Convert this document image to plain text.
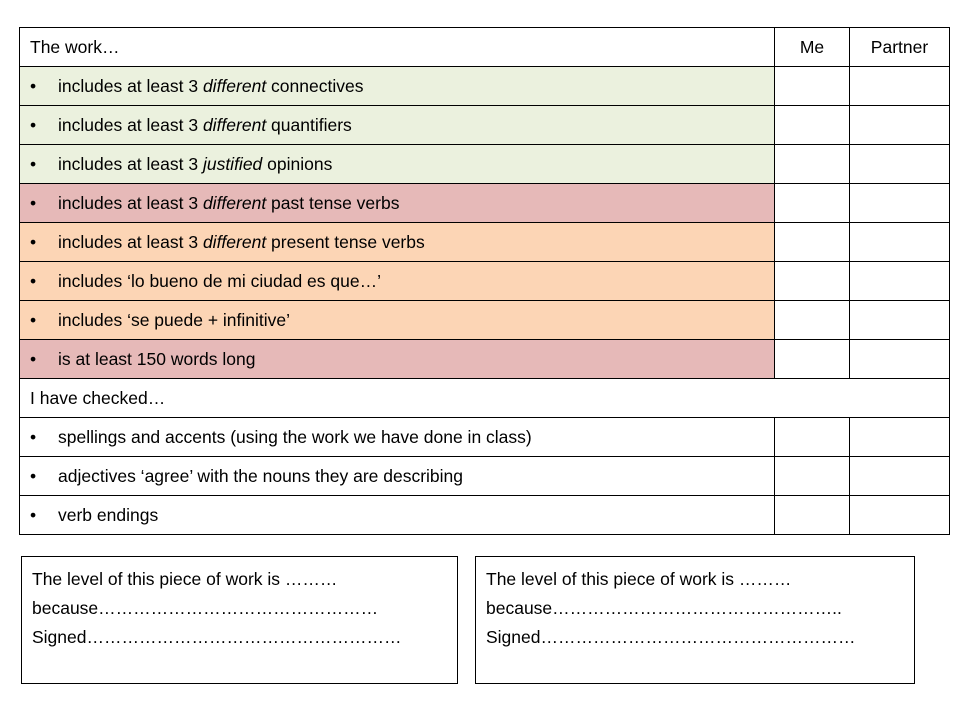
The work…	Me	Partner
• includes at least 3 different connectives		
• includes at least 3 different quantifiers		
• includes at least 3 justified opinions		
• includes at least 3 different past tense verbs		
• includes at least 3 different present tense verbs		
• includes ‘lo bueno de mi ciudad es que…’		
• includes ‘se puede + infinitive’		
• is at least 150 words long		
I have checked…		
• spellings and accents (using the work we have done in class)		
• adjectives ‘agree’ with the nouns they are describing		
• verb endings		
The level of this piece of work is ………
because…………………………………………
Signed………………………………………………
The level of this piece of work is ………
because…………………………………………..
Signed………………………………………………
